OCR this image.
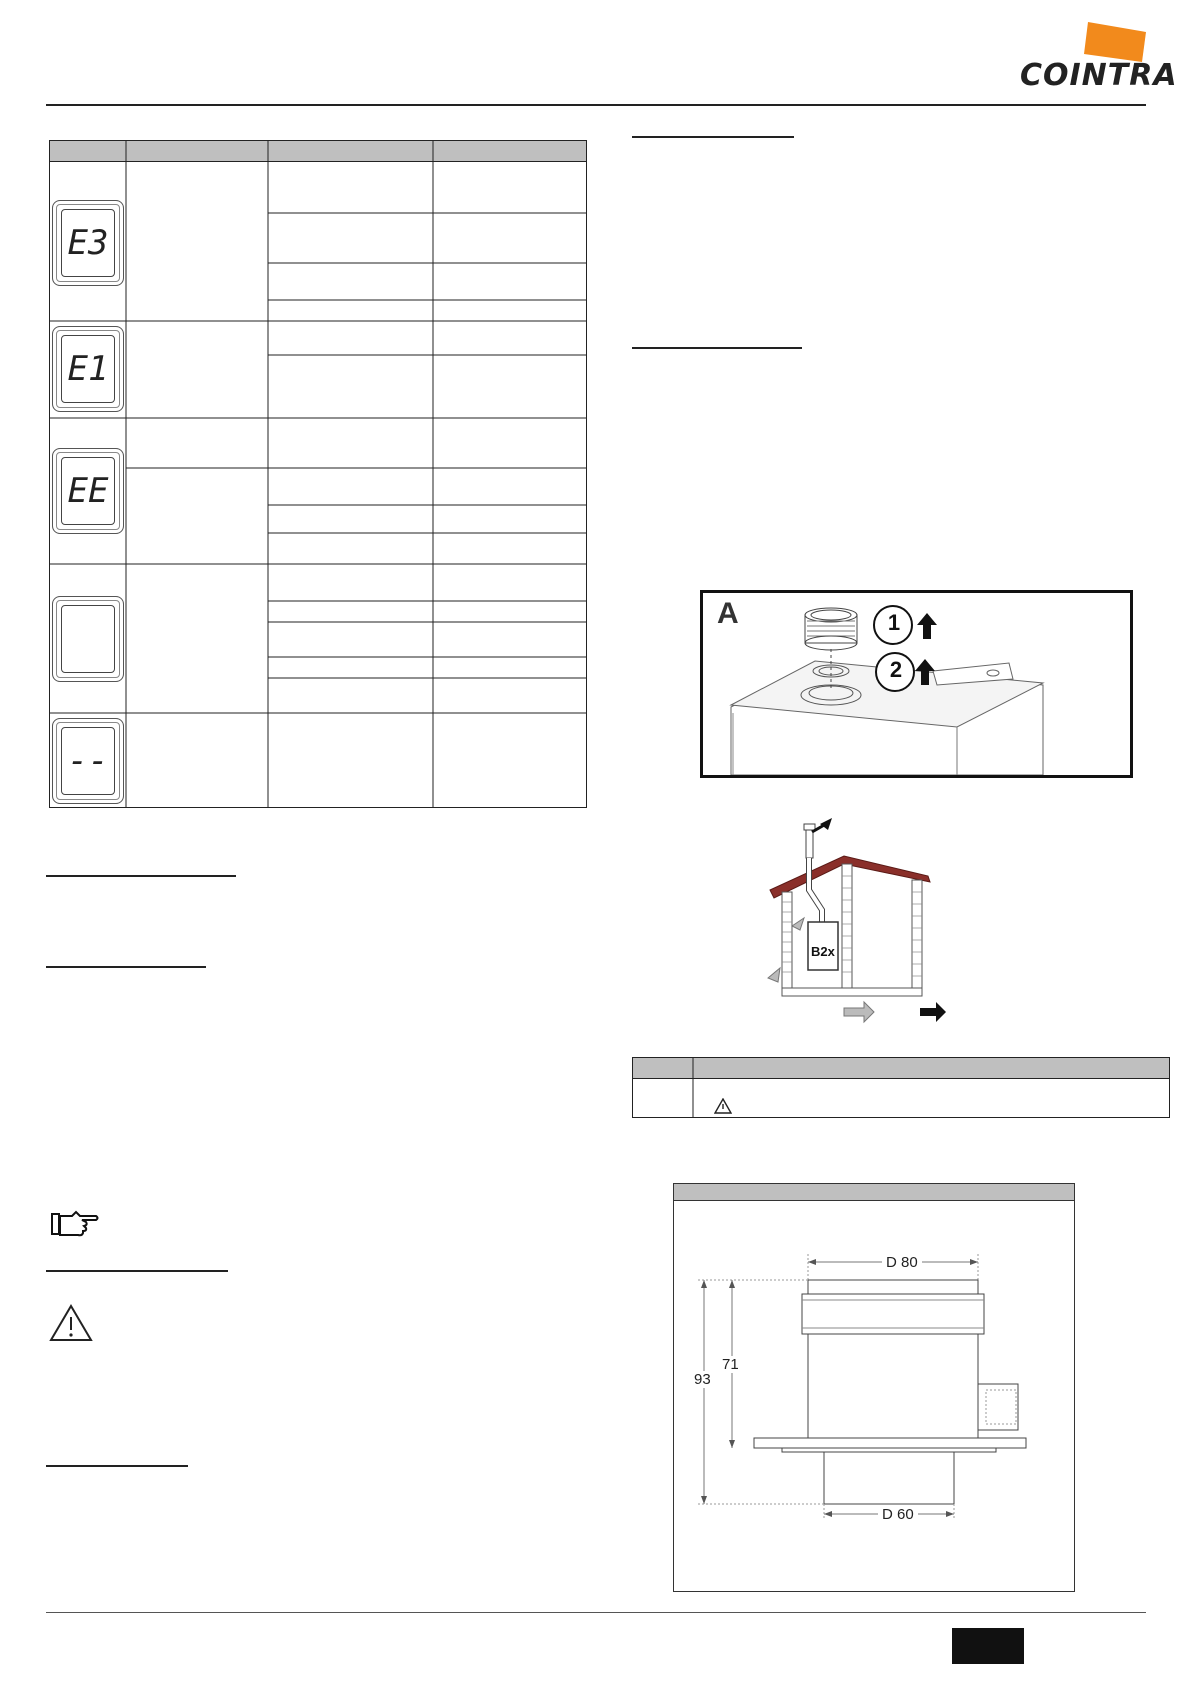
COINTRA
E3
E1
EE
--
A	1
2
B2x
D 80
D 60
93
71
